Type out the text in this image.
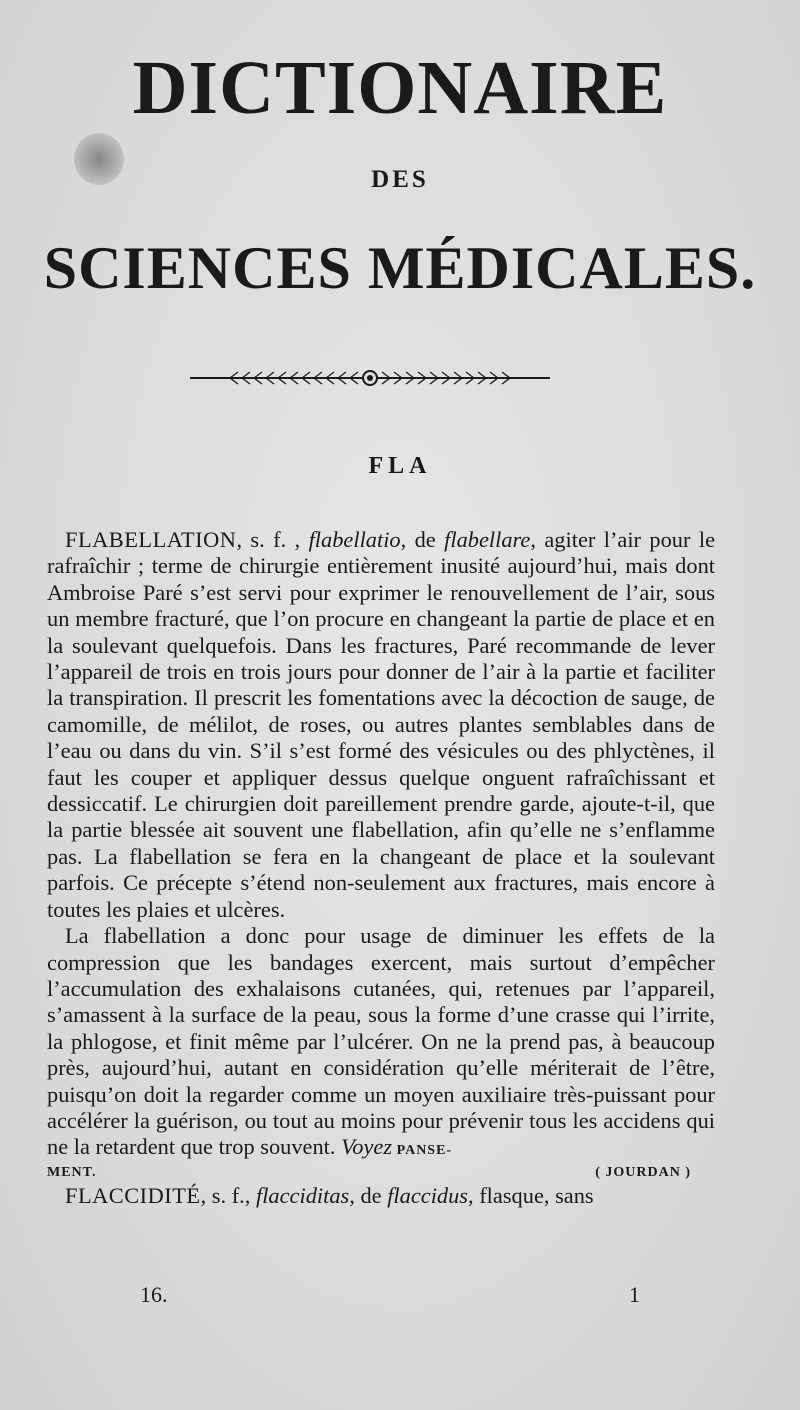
DICTIONAIRE
DES
SCIENCES MÉDICALES.
FLA

FLABELLATION, s. f. , flabellatio, de flabellare, agiter l’air pour le rafraîchir ; terme de chirurgie entièrement inusité aujourd’hui, mais dont Ambroise Paré s’est servi pour exprimer le renouvellement de l’air, sous un membre fracturé, que l’on procure en changeant la partie de place et en la soulevant quelquefois. Dans les fractures, Paré recommande de lever l’appareil de trois en trois jours pour donner de l’air à la partie et faciliter la transpiration. Il prescrit les fomentations avec la décoction de sauge, de camomille, de mélilot, de roses, ou autres plantes semblables dans de l’eau ou dans du vin. S’il s’est formé des vésicules ou des phlyctènes, il faut les couper et appliquer dessus quelque onguent rafraîchissant et dessiccatif. Le chirurgien doit pareillement prendre garde, ajoute-t-il, que la partie blessée ait souvent une flabellation, afin qu’elle ne s’enflamme pas. La flabellation se fera en la changeant de place et la soulevant parfois. Ce précepte s’étend non-seulement aux fractures, mais encore à toutes les plaies et ulcères.

La flabellation a donc pour usage de diminuer les effets de la compression que les bandages exercent, mais surtout d’empêcher l’accumulation des exhalaisons cutanées, qui, retenues par l’appareil, s’amassent à la surface de la peau, sous la forme d’une crasse qui l’irrite, la phlogose, et finit même par l’ulcérer. On ne la prend pas, à beaucoup près, aujourd’hui, autant en considération qu’elle mériterait de l’être, puisqu’on doit la regarder comme un moyen auxiliaire très-puissant pour accélérer la guérison, ou tout au moins pour prévenir tous les accidens qui ne la retardent que trop souvent. Voyez PANSE-

MENT.	( JOURDAN )

FLACCIDITÉ, s. f., flacciditas, de flaccidus, flasque, sans

16.	1
